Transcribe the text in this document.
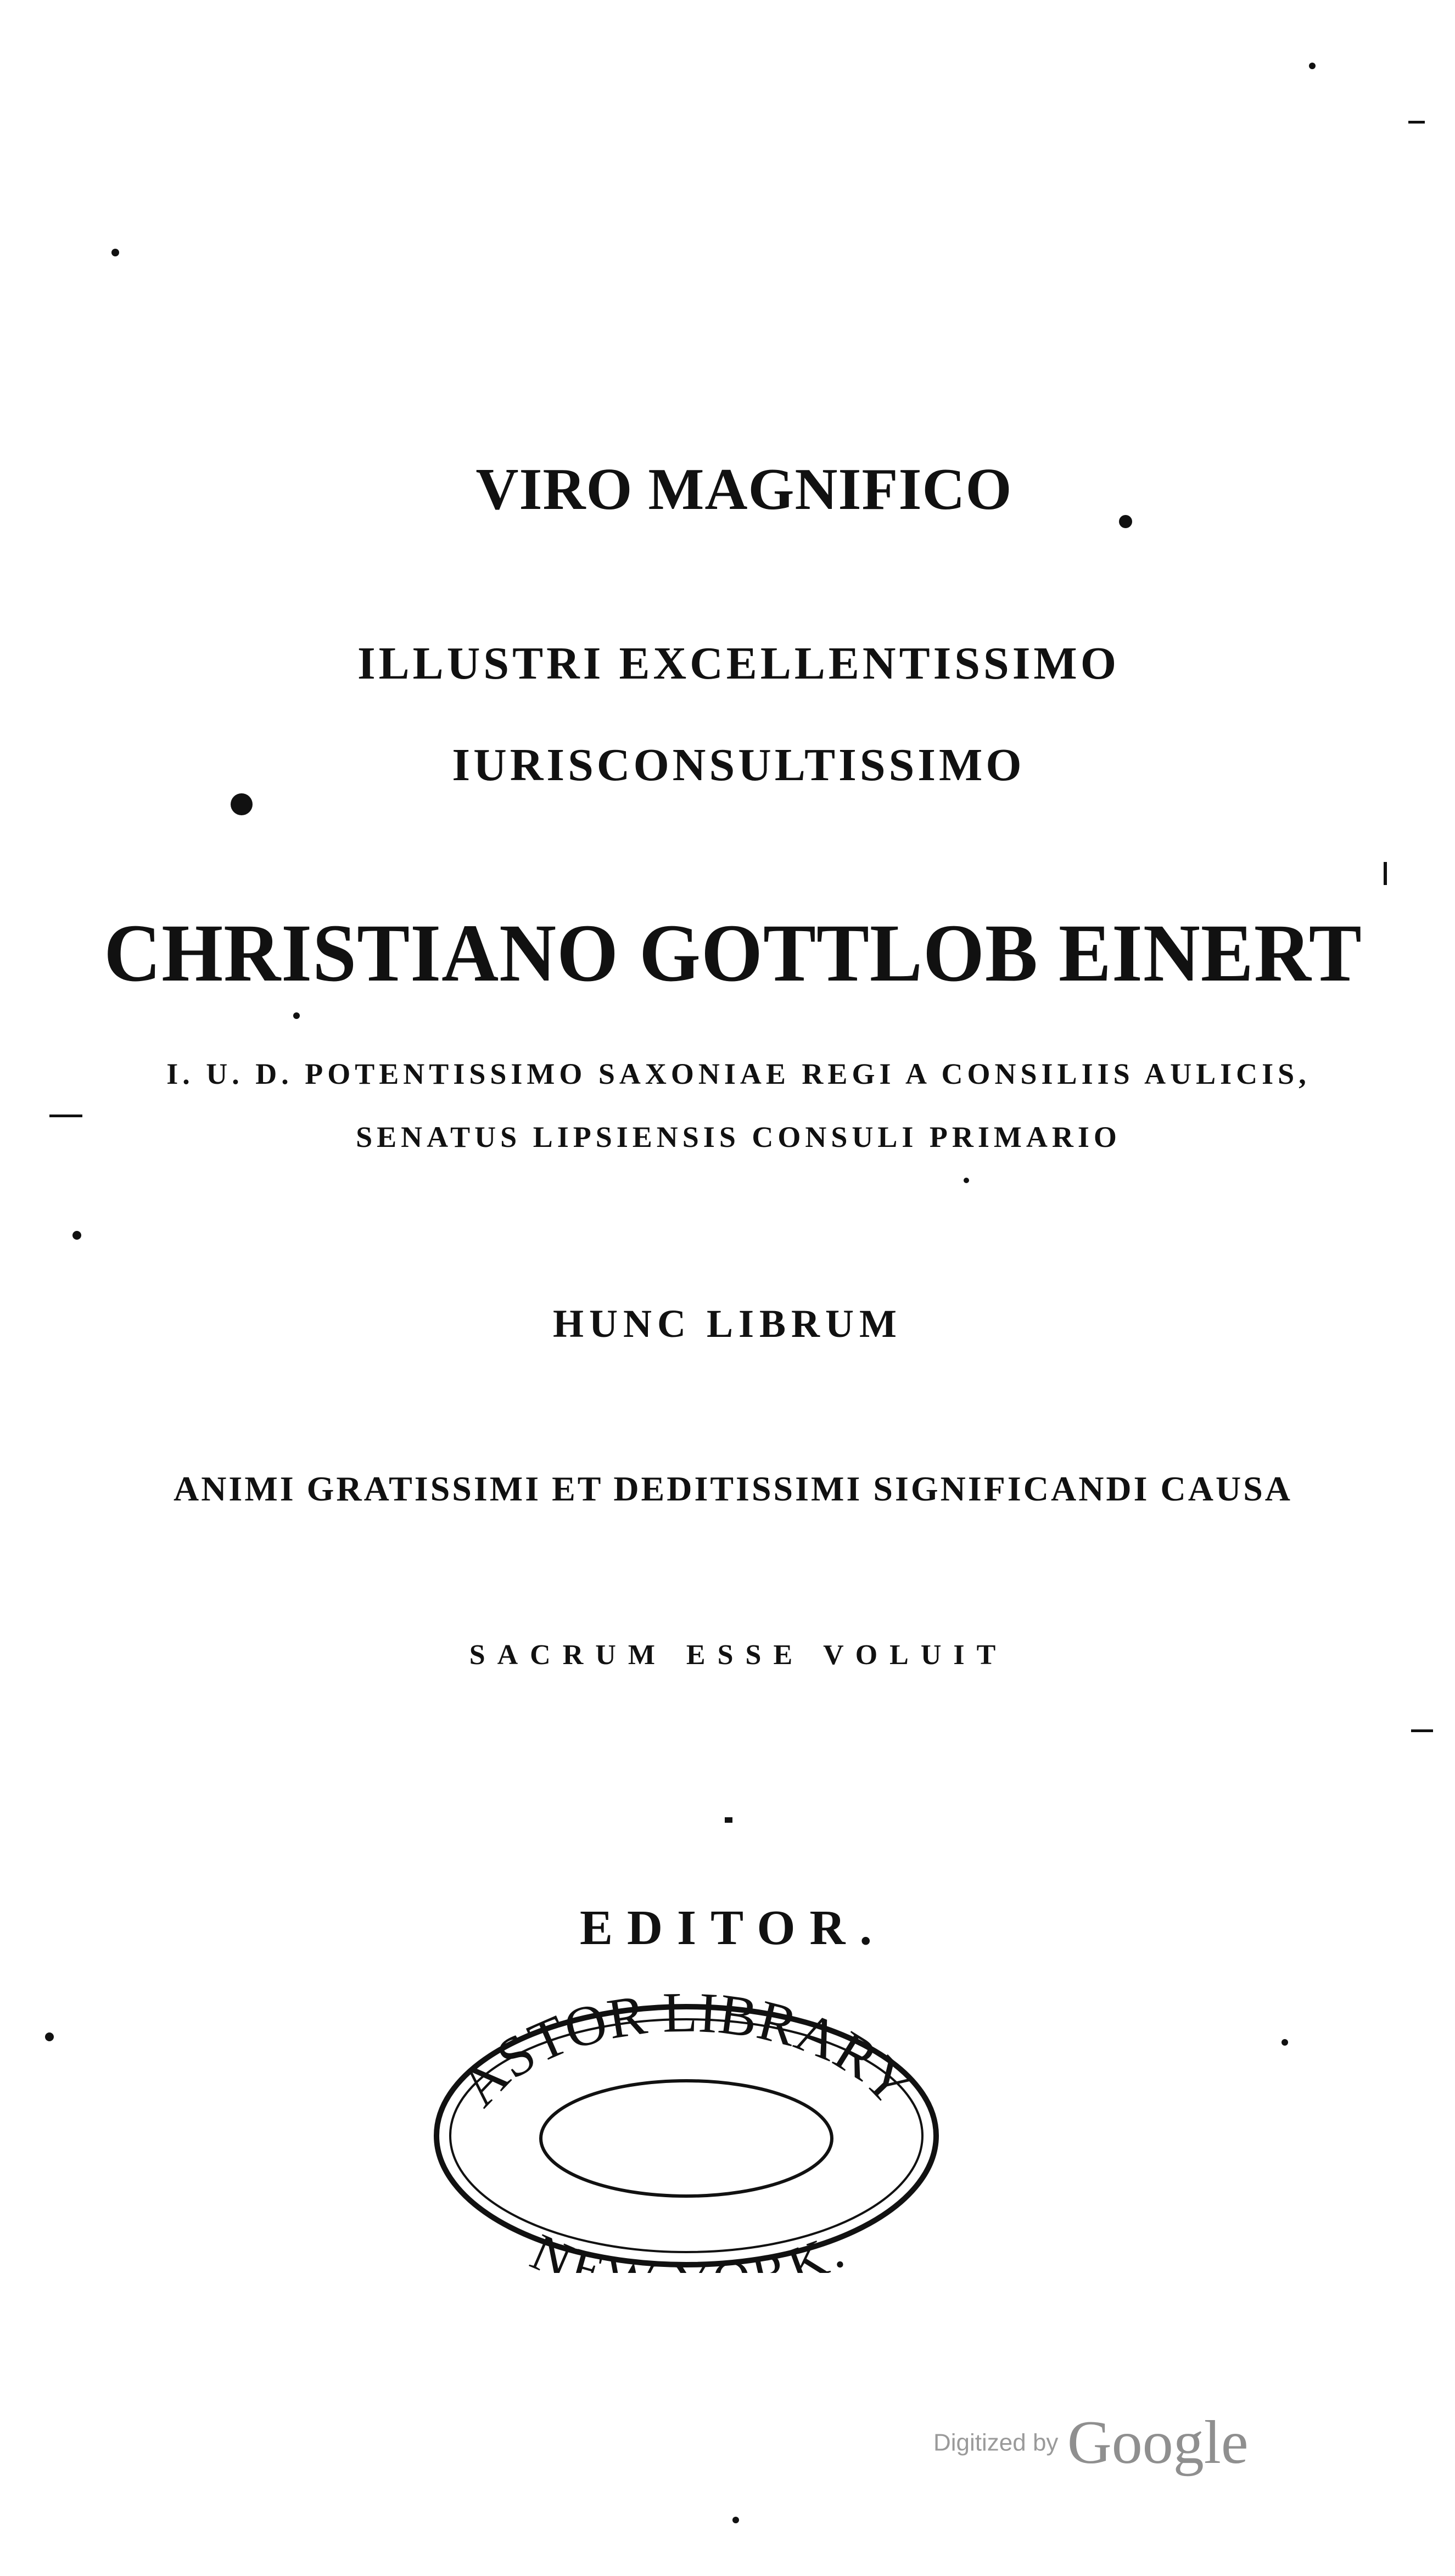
VIRO MAGNIFICO
ILLUSTRI EXCELLENTISSIMO
IURISCONSULTISSIMO
CHRISTIANO GOTTLOB EINERT
I. U. D. POTENTISSIMO SAXONIAE REGI A CONSILIIS AULICIS,
SENATUS LIPSIENSIS CONSULI PRIMARIO
HUNC LIBRUM
ANIMI GRATISSIMI ET DEDITISSIMI SIGNIFICANDI CAUSA
SACRUM ESSE VOLUIT
EDITOR.
ASTOR LIBRARY
NE RK.
Digitized by Google
